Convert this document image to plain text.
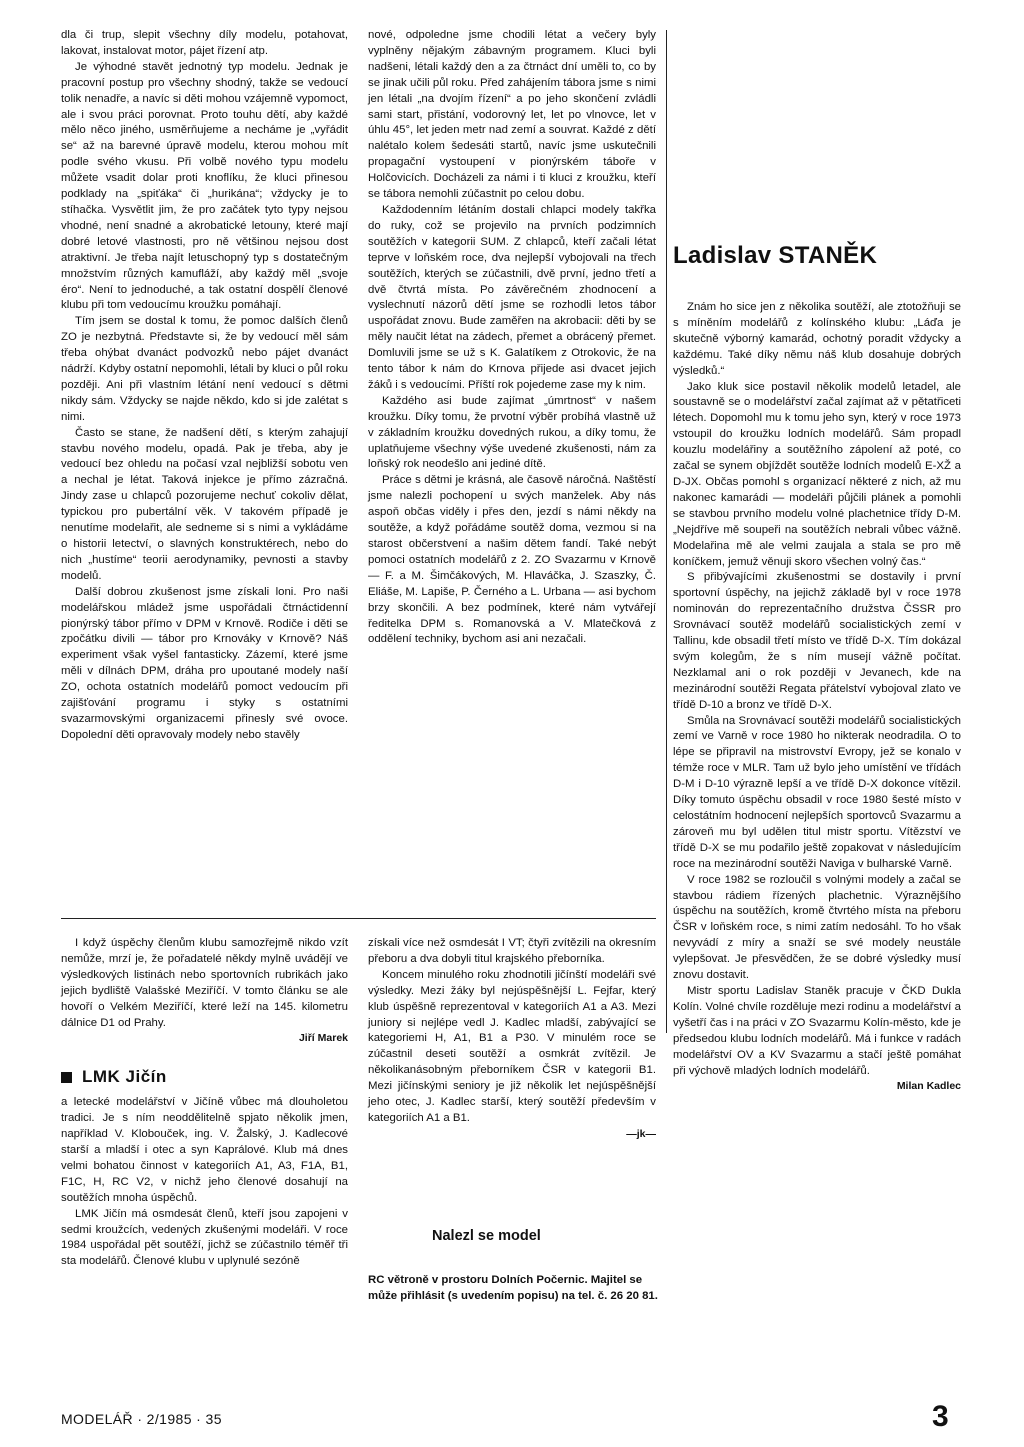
dla či trup, slepit všechny díly modelu, potahovat, lakovat, instalovat motor, pájet řízení atp.

Je výhodné stavět jednotný typ modelu. Jednak je pracovní postup pro všechny shodný, takže se vedoucí tolik nenadře, a navíc si děti mohou vzájemně vypomoct, ale i svou práci porovnat. Proto touhu dětí, aby každé mělo něco jiného, usměrňujeme a necháme je „vyřádit se“ až na barevné úpravě modelu, kterou mohou mít podle svého vkusu. Při volbě nového typu modelu můžete vsadit dolar proti knoflíku, že kluci přinesou podklady na „spiťáka“ či „hurikána“; vždycky je to stíhačka. Vysvětlit jim, že pro začátek tyto typy nejsou vhodné, není snadné a akrobatické letouny, které mají dobré letové vlastnosti, pro ně většinou nejsou dost atraktivní. Je třeba najít letuschopný typ s dostatečným množstvím různých kamufláží, aby každý měl „svoje éro“. Není to jednoduché, a tak ostatní dospělí členové klubu při tom vedoucímu kroužku pomáhají.

Tím jsem se dostal k tomu, že pomoc dalších členů ZO je nezbytná. Představte si, že by vedoucí měl sám třeba ohýbat dvanáct podvozků nebo pájet dvanáct nádrží. Kdyby ostatní nepomohli, létali by kluci o půl roku později. Ani při vlastním létání není vedoucí s dětmi nikdy sám. Vždycky se najde někdo, kdo si jde zalétat s nimi.

Často se stane, že nadšení dětí, s kterým zahajují stavbu nového modelu, opadá. Pak je třeba, aby je vedoucí bez ohledu na počasí vzal nejbližší sobotu ven a nechal je létat. Taková injekce je přímo zázračná. Jindy zase u chlapců pozorujeme nechuť cokoliv dělat, typickou pro pubertální věk. V takovém případě je nenutíme modelařit, ale sedneme si s nimi a vykládáme o historii letectví, o slavných konstruktérech, nebo do nich „hustíme“ teorii aerodynamiky, pevnosti a stavby modelů.

Další dobrou zkušenost jsme získali loni. Pro naši modelářskou mládež jsme uspořádali čtrnáctidenní pionýrský tábor přímo v DPM v Krnově. Rodiče i děti se zpočátku divili — tábor pro Krnováky v Krnově? Náš experiment však vyšel fantasticky. Zázemí, které jsme měli v dílnách DPM, dráha pro upoutané modely naší ZO, ochota ostatních modelářů pomoct vedoucím při zajišťování programu i styky s ostatními svazarmovskými organizacemi přinesly své ovoce. Dopolední děti opravovaly modely nebo stavěly

nové, odpoledne jsme chodili létat a večery byly vyplněny nějakým zábavným programem. Kluci byli nadšeni, létali každý den a za čtrnáct dní uměli to, co by se jinak učili půl roku. Před zahájením tábora jsme s nimi jen létali „na dvojím řízení“ a po jeho skončení zvládli sami start, přistání, vodorovný let, let po vlnovce, let v úhlu 45°, let jeden metr nad zemí a souvrat. Každé z dětí nalétalo kolem šedesáti startů, navíc jsme uskutečnili propagační vystoupení v pionýrském táboře v Holčovicích. Docházeli za námi i ti kluci z kroužku, kteří se tábora nemohli zúčastnit po celou dobu.

Každodenním létáním dostali chlapci modely takřka do ruky, což se projevilo na prvních podzimních soutěžích v kategorii SUM. Z chlapců, kteří začali létat teprve v loňském roce, dva nejlepší vybojovali na třech soutěžích, kterých se zúčastnili, dvě první, jedno třetí a dvě čtvrtá místa. Po závěrečném zhodnocení a vyslechnutí názorů dětí jsme se rozhodli letos tábor uspořádat znovu. Bude zaměřen na akrobacii: děti by se měly naučit létat na zádech, přemet a obrácený přemet. Domluvili jsme se už s K. Galatíkem z Otrokovic, že na tento tábor k nám do Krnova přijede asi dvacet jejich žáků i s vedoucími. Příští rok pojedeme zase my k nim.

Každého asi bude zajímat „úmrtnost“ v našem kroužku. Díky tomu, že prvotní výběr probíhá vlastně už v základním kroužku dovedných rukou, a díky tomu, že uplatňujeme všechny výše uvedené zkušenosti, nám za loňský rok neodešlo ani jediné dítě.

Práce s dětmi je krásná, ale časově náročná. Naštěstí jsme nalezli pochopení u svých manželek. Aby nás aspoň občas viděly i přes den, jezdí s námi někdy na soutěže, a když pořádáme soutěž doma, vezmou si na starost občerstvení a našim dětem fandí. Také nebýt pomoci ostatních modelářů z 2. ZO Svazarmu v Krnově — F. a M. Šimčákových, M. Hlaváčka, J. Szaszky, Č. Eliáše, M. Lapiše, P. Černého a L. Urbana — asi bychom brzy skončili. A bez podmínek, které nám vytvářejí ředitelka DPM s. Romanovská a V. Mlatečková z oddělení techniky, bychom asi ani nezačali.

Ladislav STANĚK

Znám ho sice jen z několika soutěží, ale ztotožňuji se s míněním modelářů z kolínského klubu: „Láďa je skutečně výborný kamarád, ochotný poradit vždycky a každému. Také díky němu náš klub dosahuje dobrých výsledků.“

Jako kluk sice postavil několik modelů letadel, ale soustavně se o modelářství začal zajímat až v pětatřiceti létech. Dopomohl mu k tomu jeho syn, který v roce 1973 vstoupil do kroužku lodních modelářů. Sám propadl kouzlu modelářiny a soutěžního zápolení až poté, co začal se synem objíždět soutěže lodních modelů E-XŽ a D-JX. Občas pomohl s organizací některé z nich, až mu nakonec kamarádi — modeláři půjčili plánek a pomohli se stavbou prvního modelu volné plachetnice třídy D-M. „Nejdříve mě soupeři na soutěžích nebrali vůbec vážně. Modelařina mě ale velmi zaujala a stala se pro mě koníčkem, jemuž věnuji skoro všechen volný čas.“

S přibývajícími zkušenostmi se dostavily i první sportovní úspěchy, na jejichž základě byl v roce 1978 nominován do reprezentačního družstva ČSSR pro Srovnávací soutěž modelářů socialistických zemí v Tallinu, kde obsadil třetí místo ve třídě D-X. Tím dokázal svým kolegům, že s ním musejí vážně počítat. Nezklamal ani o rok později v Jevanech, kde na mezinárodní soutěži Regata přátelství vybojoval zlato ve třídě D-10 a bronz ve třídě D-X.

Smůla na Srovnávací soutěži modelářů socialistických zemí ve Varně v roce 1980 ho nikterak neodradila. O to lépe se připravil na mistrovství Evropy, jež se konalo v témže roce v MLR. Tam už bylo jeho umístění ve třídách D-M i D-10 výrazně lepší a ve třídě D-X dokonce vítězil. Díky tomuto úspěchu obsadil v roce 1980 šesté místo v celostátním hodnocení nejlepších sportovců Svazarmu a zároveň mu byl udělen titul mistr sportu. Vítězství ve třídě D-X se mu podařilo ještě zopakovat v následujícím roce na mezinárodní soutěži Naviga v bulharské Varně.

V roce 1982 se rozloučil s volnými modely a začal se stavbou rádiem řízených plachetnic. Výraznějšího úspěchu na soutěžích, kromě čtvrtého místa na přeboru ČSR v loňském roce, s nimi zatím nedosáhl. To ho však nevyvádí z míry a snaží se své modely neustále vylepšovat. Je přesvědčen, že se dobré výsledky musí znovu dostavit.

Mistr sportu Ladislav Staněk pracuje v ČKD Dukla Kolín. Volné chvíle rozděluje mezi rodinu a modelářství a vyšetří čas i na práci v ZO Svazarmu Kolín-město, kde je předsedou klubu lodních modelářů. Má i funkce v radách modelářství OV a KV Svazarmu a stačí ještě pomáhat při výchově mladých lodních modelářů.

Milan Kadlec

I když úspěchy členům klubu samozřejmě nikdo vzít nemůže, mrzí je, že pořadatelé někdy mylně uvádějí ve výsledkových listinách nebo sportovních rubrikách jako jejich bydliště Valašské Meziříčí. V tomto článku se ale hovoří o Velkém Meziříčí, které leží na 145. kilometru dálnice D1 od Prahy.

Jiří Marek
LMK Jičín

a letecké modelářství v Jičíně vůbec má dlouholetou tradici. Je s ním neoddělitelně spjato několik jmen, například V. Klobouček, ing. V. Žalský, J. Kadlecové starší a mladší i otec a syn Kaprálové. Klub má dnes velmi bohatou činnost v kategoriích A1, A3, F1A, B1, F1C, H, RC V2, v nichž jeho členové dosahují na soutěžích mnoha úspěchů.

LMK Jičín má osmdesát členů, kteří jsou zapojeni v sedmi kroužcích, vedených zkušenými modeláři. V roce 1984 uspořádal pět soutěží, jichž se zúčastnilo téměř tři sta modelářů. Členové klubu v uplynulé sezóně

získali více než osmdesát I VT; čtyři zvítězili na okresním přeboru a dva dobyli titul krajského přeborníka.

Koncem minulého roku zhodnotili jičínští modeláři své výsledky. Mezi žáky byl nejúspěšnější L. Fejfar, který klub úspěšně reprezentoval v kategoriích A1 a A3. Mezi juniory si nejlépe vedl J. Kadlec mladší, zabývající se kategoriemi H, A1, B1 a P30. V minulém roce se zúčastnil deseti soutěží a osmkrát zvítězil. Je několikanásobným přeborníkem ČSR v kategorii B1. Mezi jičínskými seniory je již několik let nejúspěšnější jeho otec, J. Kadlec starší, který soutěží především v kategoriích A1 a B1.

—jk—
Nalezl se model
RC větroně v prostoru Dolních Počernic. Majitel se může přihlásit (s uvedením popisu) na tel. č. 26 20 81.
MODELÁŘ · 2/1985 · 35	3
